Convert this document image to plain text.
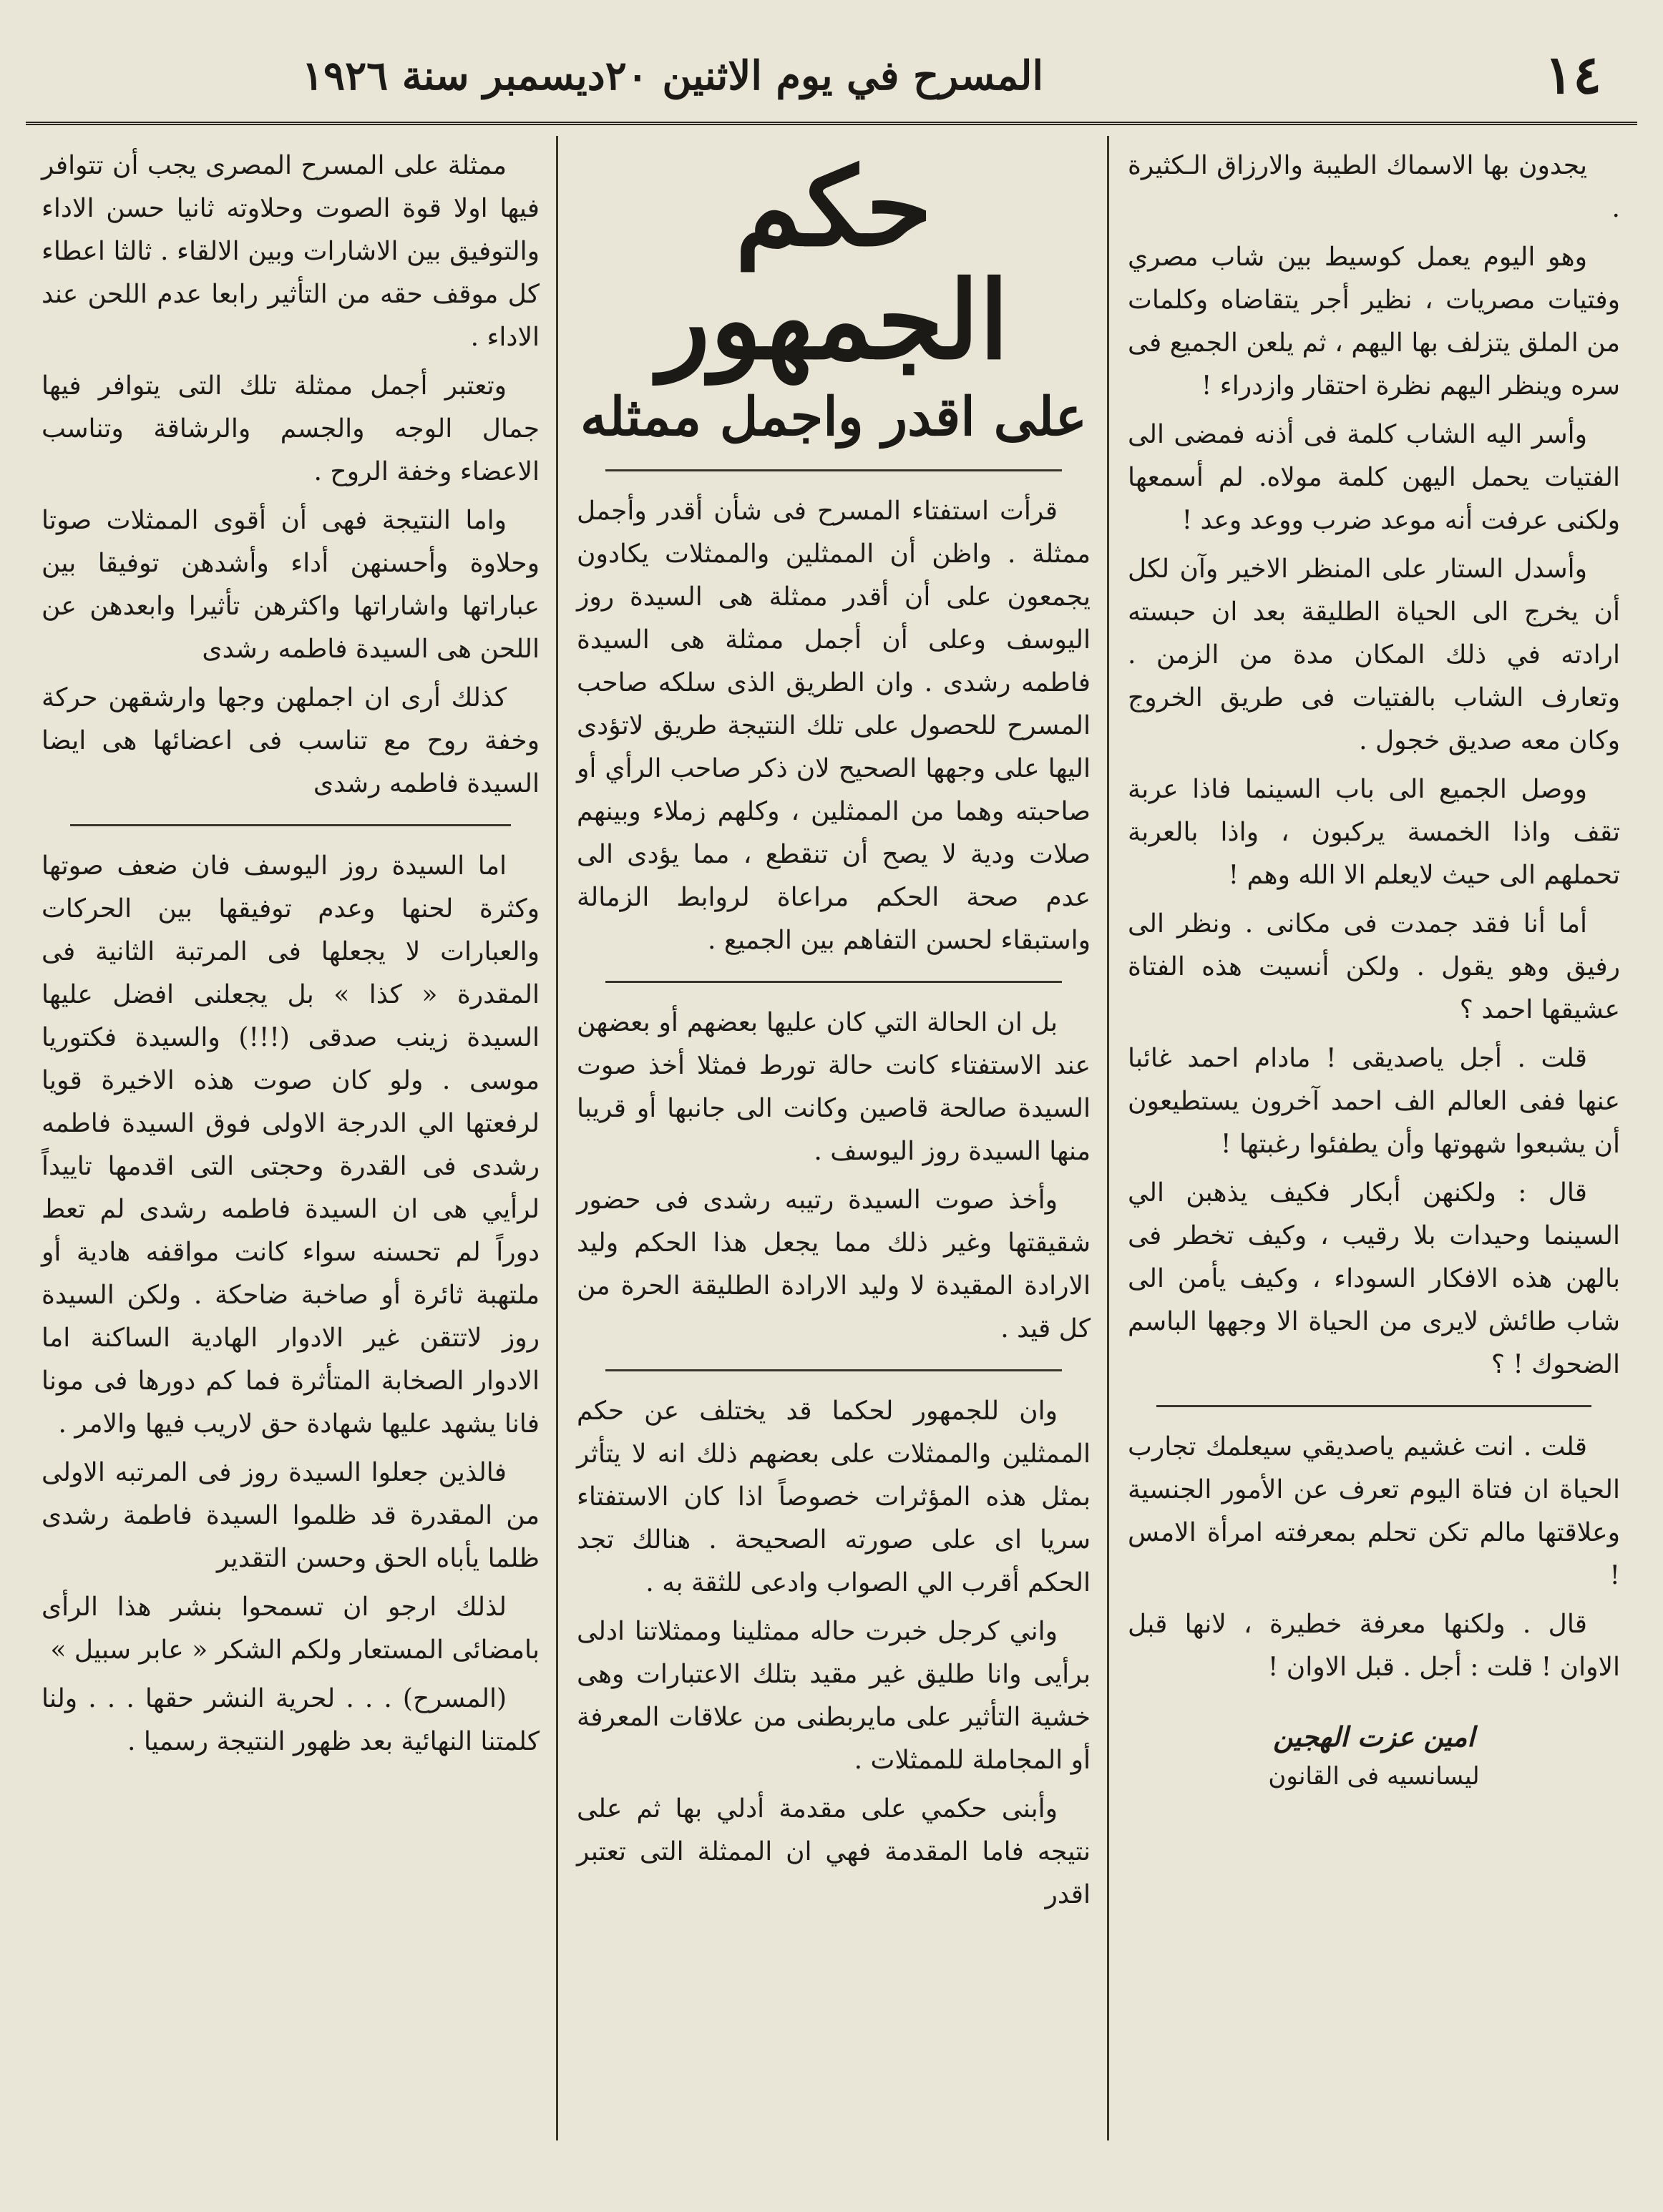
١٤
المسرح في يوم الاثنين ٢٠ديسمبر سنة ١٩٢٦

يجدون بها الاسماك الطيبة والارزاق الـكثيرة .

وهو اليوم يعمل كوسيط بين شاب مصري وفتيات مصريات ، نظير أجر يتقاضاه وكلمات من الملق يتزلف بها اليهم ، ثم يلعن الجميع فى سره وينظر اليهم نظرة احتقار وازدراء !

وأسر اليه الشاب كلمة فى أذنه فمضى الى الفتيات يحمل اليهن كلمة مولاه. لم أسمعها ولكنى عرفت أنه موعد ضرب ووعد وعد !

وأسدل الستار على المنظر الاخير وآن لكل أن يخرج الى الحياة الطليقة بعد ان حبسته ارادته في ذلك المكان مدة من الزمن . وتعارف الشاب بالفتيات فى طريق الخروج وكان معه صديق خجول .

ووصل الجميع الى باب السينما فاذا عربة تقف واذا الخمسة يركبون ، واذا بالعربة تحملهم الى حيث لايعلم الا الله وهم !

أما أنا فقد جمدت فى مكانى . ونظر الى رفيق وهو يقول . ولكن أنسيت هذه الفتاة عشيقها احمد ؟

قلت . أجل ياصديقى ! مادام احمد غائبا عنها ففى العالم الف احمد آخرون يستطيعون أن يشبعوا شهوتها وأن يطفئوا رغبتها !

قال : ولكنهن أبكار فكيف يذهبن الي السينما وحيدات بلا رقيب ، وكيف تخطر فى بالهن هذه الافكار السوداء ، وكيف يأمن الى شاب طائش لايرى من الحياة الا وجهها الباسم الضحوك ! ؟

قلت . انت غشيم ياصديقي سيعلمك تجارب الحياة ان فتاة اليوم تعرف عن الأمور الجنسية وعلاقتها مالم تكن تحلم بمعرفته امرأة الامس !

قال . ولكنها معرفة خطيرة ، لانها قبل الاوان ! قلت : أجل . قبل الاوان !

امين عزت الهجين
ليسانسيه فى القانون
حكم الجمهور
على اقدر واجمل ممثله

قرأت استفتاء المسرح فى شأن أقدر وأجمل ممثلة . واظن أن الممثلين والممثلات يكادون يجمعون على أن أقدر ممثلة هى السيدة روز اليوسف وعلى أن أجمل ممثلة هى السيدة فاطمه رشدى . وان الطريق الذى سلكه صاحب المسرح للحصول على تلك النتيجة طريق لاتؤدى اليها على وجهها الصحيح لان ذكر صاحب الرأي أو صاحبته وهما من الممثلين ، وكلهم زملاء وبينهم صلات ودية لا يصح أن تنقطع ، مما يؤدى الى عدم صحة الحكم مراعاة لروابط الزمالة واستبقاء لحسن التفاهم بين الجميع .

بل ان الحالة التي كان عليها بعضهم أو بعضهن عند الاستفتاء كانت حالة تورط فمثلا أخذ صوت السيدة صالحة قاصين وكانت الى جانبها أو قريبا منها السيدة روز اليوسف .

وأخذ صوت السيدة رتيبه رشدى فى حضور شقيقتها وغير ذلك مما يجعل هذا الحكم وليد الارادة المقيدة لا وليد الارادة الطليقة الحرة من كل قيد .

وان للجمهور لحكما قد يختلف عن حكم الممثلين والممثلات على بعضهم ذلك انه لا يتأثر بمثل هذه المؤثرات خصوصاً اذا كان الاستفتاء سريا اى على صورته الصحيحة . هنالك تجد الحكم أقرب الي الصواب وادعى للثقة به .

واني كرجل خبرت حاله ممثلينا وممثلاتنا ادلى برأيى وانا طليق غير مقيد بتلك الاعتبارات وهى خشية التأثير على مايربطنى من علاقات المعرفة أو المجاملة للممثلات .

وأبنى حكمي على مقدمة أدلي بها ثم على نتيجه فاما المقدمة فهي ان الممثلة التى تعتبر اقدر

ممثلة على المسرح المصرى يجب أن تتوافر فيها اولا قوة الصوت وحلاوته ثانيا حسن الاداء والتوفيق بين الاشارات وبين الالقاء . ثالثا اعطاء كل موقف حقه من التأثير رابعا عدم اللحن عند الاداء .

وتعتبر أجمل ممثلة تلك التى يتوافر فيها جمال الوجه والجسم والرشاقة وتناسب الاعضاء وخفة الروح .

واما النتيجة فهى أن أقوى الممثلات صوتا وحلاوة وأحسنهن أداء وأشدهن توفيقا بين عباراتها واشاراتها واكثرهن تأثيرا وابعدهن عن اللحن هى السيدة فاطمه رشدى

كذلك أرى ان اجملهن وجها وارشقهن حركة وخفة روح مع تناسب فى اعضائها هى ايضا السيدة فاطمه رشدى

اما السيدة روز اليوسف فان ضعف صوتها وكثرة لحنها وعدم توفيقها بين الحركات والعبارات لا يجعلها فى المرتبة الثانية فى المقدرة « كذا » بل يجعلنى افضل عليها السيدة زينب صدقى (!!!) والسيدة فكتوريا موسى . ولو كان صوت هذه الاخيرة قويا لرفعتها الي الدرجة الاولى فوق السيدة فاطمه رشدى فى القدرة وحجتى التى اقدمها تاييداً لرأيي هى ان السيدة فاطمه رشدى لم تعط دوراً لم تحسنه سواء كانت مواقفه هادية أو ملتهبة ثائرة أو صاخبة ضاحكة . ولكن السيدة روز لاتتقن غير الادوار الهادية الساكنة اما الادوار الصخابة المتأثرة فما كم دورها فى مونا فانا يشهد عليها شهادة حق لاريب فيها والامر .

فالذين جعلوا السيدة روز فى المرتبه الاولى من المقدرة قد ظلموا السيدة فاطمة رشدى ظلما يأباه الحق وحسن التقدير

لذلك ارجو ان تسمحوا بنشر هذا الرأى بامضائى المستعار ولكم الشكر « عابر سبيل »

(المسرح) . . . لحرية النشر حقها . . . ولنا كلمتنا النهائية بعد ظهور النتيجة رسميا .
